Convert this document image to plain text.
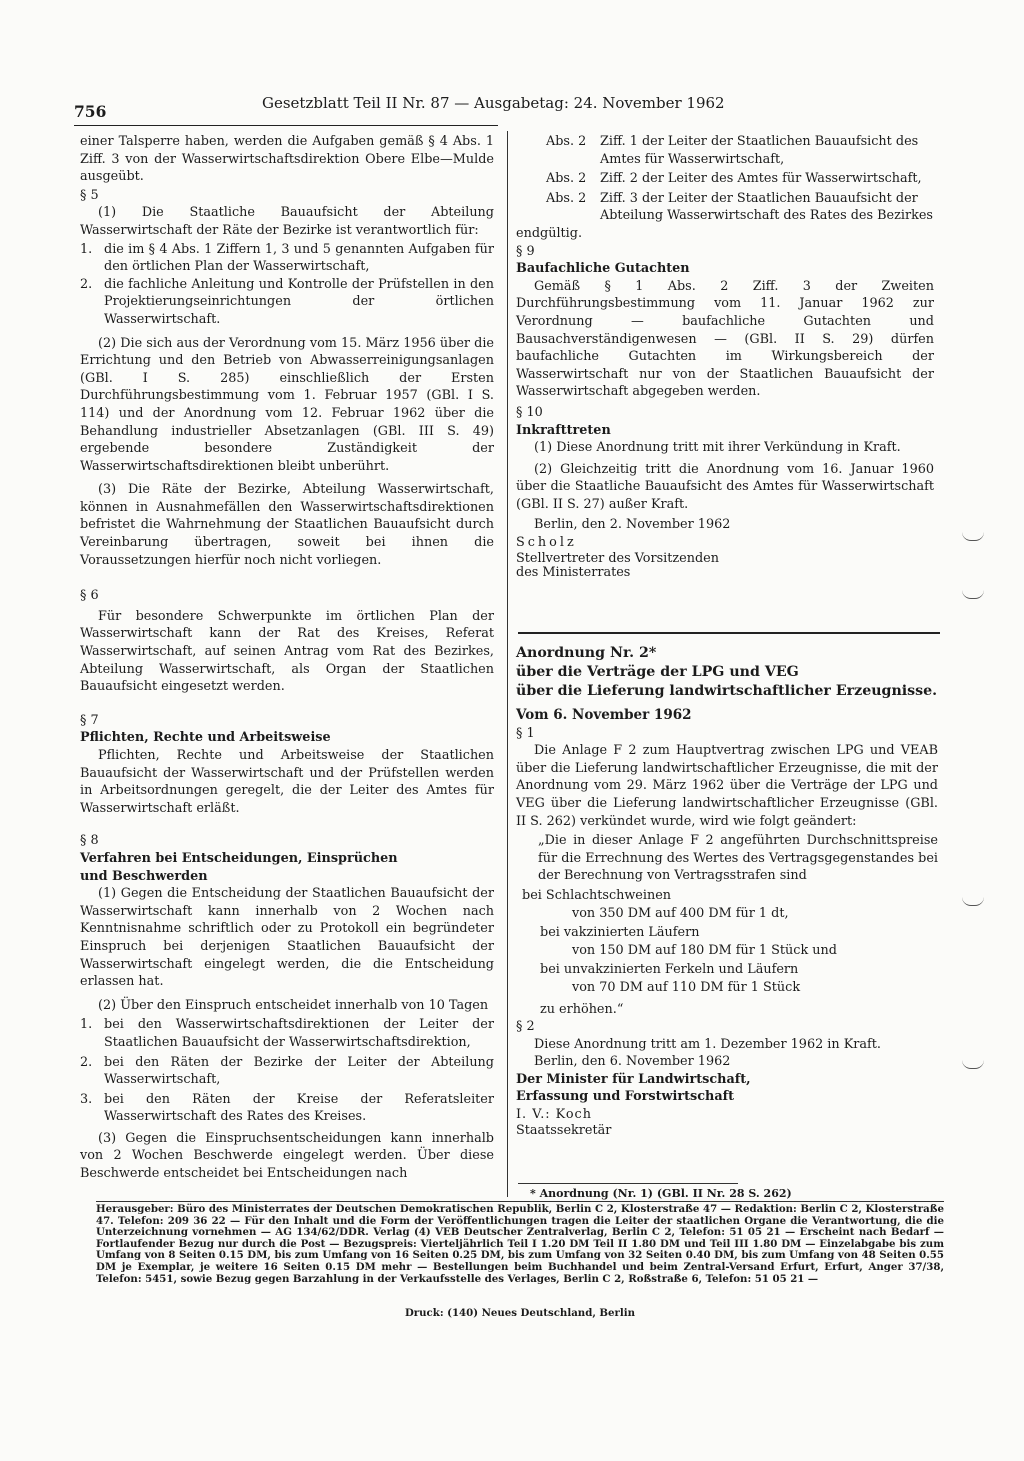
756	Gesetzblatt Teil II Nr. 87 — Ausgabetag: 24. November 1962

einer Talsperre haben, werden die Aufgaben gemäß § 4 Abs. 1 Ziff. 3 von der Wasserwirtschaftsdirektion Obere Elbe—Mulde ausgeübt.

§ 5

(1) Die Staatliche Bauaufsicht der Abteilung Wasserwirtschaft der Räte der Bezirke ist verantwortlich für:

1. die im § 4 Abs. 1 Ziffern 1, 3 und 5 genannten Aufgaben für den örtlichen Plan der Wasserwirtschaft,
2. die fachliche Anleitung und Kontrolle der Prüfstellen in den Projektierungseinrichtungen der örtlichen Wasserwirtschaft.

(2) Die sich aus der Verordnung vom 15. März 1956 über die Errichtung und den Betrieb von Abwasserreinigungsanlagen (GBl. I S. 285) einschließlich der Ersten Durchführungsbestimmung vom 1. Februar 1957 (GBl. I S. 114) und der Anordnung vom 12. Februar 1962 über die Behandlung industrieller Absetzanlagen (GBl. III S. 49) ergebende besondere Zuständigkeit der Wasserwirtschaftsdirektionen bleibt unberührt.

(3) Die Räte der Bezirke, Abteilung Wasserwirtschaft, können in Ausnahmefällen den Wasserwirtschaftsdirektionen befristet die Wahrnehmung der Staatlichen Bauaufsicht durch Vereinbarung übertragen, soweit bei ihnen die Voraussetzungen hierfür noch nicht vorliegen.

§ 6

Für besondere Schwerpunkte im örtlichen Plan der Wasserwirtschaft kann der Rat des Kreises, Referat Wasserwirtschaft, auf seinen Antrag vom Rat des Bezirkes, Abteilung Wasserwirtschaft, als Organ der Staatlichen Bauaufsicht eingesetzt werden.

§ 7

Pflichten, Rechte und Arbeitsweise

Pflichten, Rechte und Arbeitsweise der Staatlichen Bauaufsicht der Wasserwirtschaft und der Prüfstellen werden in Arbeitsordnungen geregelt, die der Leiter des Amtes für Wasserwirtschaft erläßt.

§ 8

Verfahren bei Entscheidungen, Einsprüchen

und Beschwerden

(1) Gegen die Entscheidung der Staatlichen Bauaufsicht der Wasserwirtschaft kann innerhalb von 2 Wochen nach Kenntnisnahme schriftlich oder zu Protokoll ein begründeter Einspruch bei derjenigen Staatlichen Bauaufsicht der Wasserwirtschaft eingelegt werden, die die Entscheidung erlassen hat.

(2) Über den Einspruch entscheidet innerhalb von 10 Tagen

1. bei den Wasserwirtschaftsdirektionen der Leiter der Staatlichen Bauaufsicht der Wasserwirtschaftsdirektion,
2. bei den Räten der Bezirke der Leiter der Abteilung Wasserwirtschaft,
3. bei den Räten der Kreise der Referatsleiter Wasserwirtschaft des Rates des Kreises.

(3) Gegen die Einspruchsentscheidungen kann innerhalb von 2 Wochen Beschwerde eingelegt werden. Über diese Beschwerde entscheidet bei Entscheidungen nach

Abs. 2	Ziff. 1 der Leiter der Staatlichen Bauaufsicht des Amtes für Wasserwirtschaft,
Abs. 2	Ziff. 2 der Leiter des Amtes für Wasserwirtschaft,
Abs. 2	Ziff. 3 der Leiter der Staatlichen Bauaufsicht der Abteilung Wasserwirtschaft des Rates des Bezirkes

endgültig.

§ 9

Baufachliche Gutachten

Gemäß § 1 Abs. 2 Ziff. 3 der Zweiten Durchführungsbestimmung vom 11. Januar 1962 zur Verordnung — baufachliche Gutachten und Bausachverständigenwesen — (GBl. II S. 29) dürfen baufachliche Gutachten im Wirkungsbereich der Wasserwirtschaft nur von der Staatlichen Bauaufsicht der Wasserwirtschaft abgegeben werden.

§ 10

Inkrafttreten

(1) Diese Anordnung tritt mit ihrer Verkündung in Kraft.

(2) Gleichzeitig tritt die Anordnung vom 16. Januar 1960 über die Staatliche Bauaufsicht des Amtes für Wasserwirtschaft (GBl. II S. 27) außer Kraft.

Berlin, den 2. November 1962

Scholz

Stellvertreter des Vorsitzenden

des Ministerrates

Anordnung Nr. 2*

über die Verträge der LPG und VEG

über die Lieferung landwirtschaftlicher Erzeugnisse.

Vom 6. November 1962

§ 1

Die Anlage F 2 zum Hauptvertrag zwischen LPG und VEAB über die Lieferung landwirtschaftlicher Erzeugnisse, die mit der Anordnung vom 29. März 1962 über die Verträge der LPG und VEG über die Lieferung landwirtschaftlicher Erzeugnisse (GBl. II S. 262) verkündet wurde, wird wie folgt geändert:

„Die in dieser Anlage F 2 angeführten Durchschnittspreise für die Errechnung des Wertes des Vertragsgegenstandes bei der Berechnung von Vertragsstrafen sind

bei Schlachtschweinen

von 350 DM auf 400 DM für 1 dt,

bei vakzinierten Läufern

von 150 DM auf 180 DM für 1 Stück und

bei unvakzinierten Ferkeln und Läufern

von 70 DM auf 110 DM für 1 Stück

zu erhöhen.“

§ 2

Diese Anordnung tritt am 1. Dezember 1962 in Kraft.

Berlin, den 6. November 1962

Der Minister für Landwirtschaft,

Erfassung und Forstwirtschaft

I. V.: Koch

Staatssekretär

* Anordnung (Nr. 1) (GBl. II Nr. 28 S. 262)
Herausgeber: Büro des Ministerrates der Deutschen Demokratischen Republik, Berlin C 2, Klosterstraße 47 — Redaktion: Berlin C 2, Klosterstraße 47. Telefon: 209 36 22 — Für den Inhalt und die Form der Veröffentlichungen tragen die Leiter der staatlichen Organe die Verantwortung, die die Unterzeichnung vornehmen — AG 134/62/DDR. Verlag (4) VEB Deutscher Zentralverlag, Berlin C 2, Telefon: 51 05 21 — Erscheint nach Bedarf — Fortlaufender Bezug nur durch die Post — Bezugspreis: Vierteljährlich Teil I 1.20 DM Teil II 1.80 DM und Teil III 1.80 DM — Einzelabgabe bis zum Umfang von 8 Seiten 0.15 DM, bis zum Umfang von 16 Seiten 0.25 DM, bis zum Umfang von 32 Seiten 0.40 DM, bis zum Umfang von 48 Seiten 0.55 DM je Exemplar, je weitere 16 Seiten 0.15 DM mehr — Bestellungen beim Buchhandel und beim Zentral-Versand Erfurt, Erfurt, Anger 37/38, Telefon: 5451, sowie Bezug gegen Barzahlung in der Verkaufsstelle des Verlages, Berlin C 2, Roßstraße 6, Telefon: 51 05 21 —
Druck: (140) Neues Deutschland, Berlin
